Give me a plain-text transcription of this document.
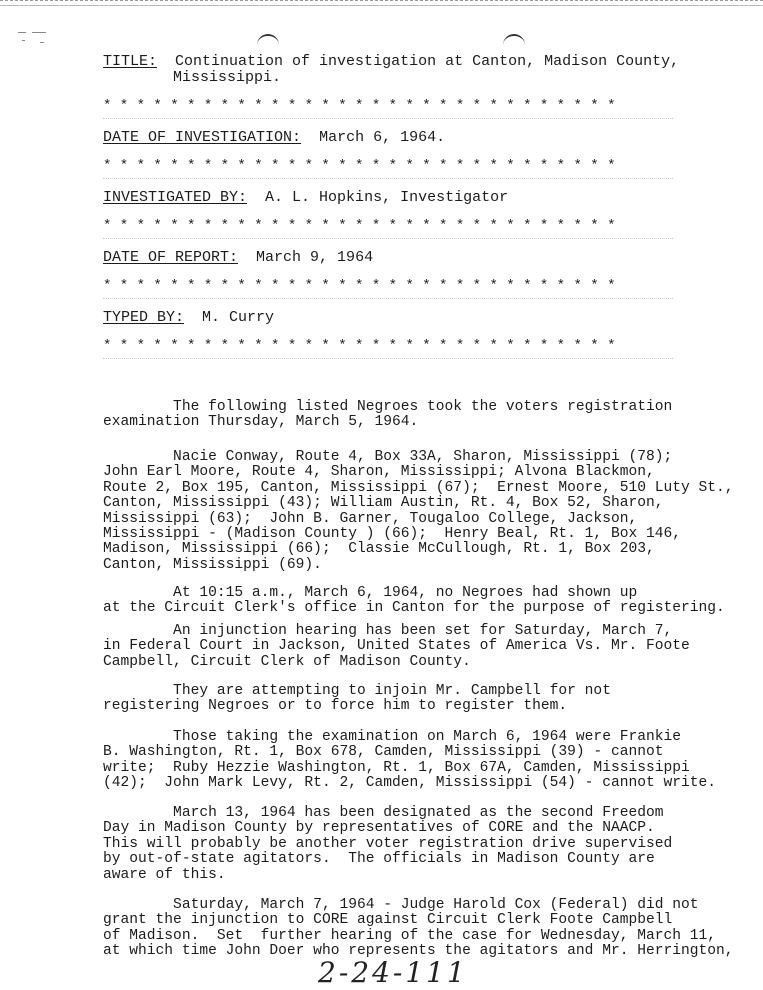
TITLE: Continuation of investigation at Canton, Madison County,
Mississippi.
* * * * * * * * * * * * * * * * * * * * * * * * * * * * * * *
DATE OF INVESTIGATION: March 6, 1964.
* * * * * * * * * * * * * * * * * * * * * * * * * * * * * * *
INVESTIGATED BY: A. L. Hopkins, Investigator
* * * * * * * * * * * * * * * * * * * * * * * * * * * * * * *
DATE OF REPORT: March 9, 1964
* * * * * * * * * * * * * * * * * * * * * * * * * * * * * * *
TYPED BY: M. Curry
* * * * * * * * * * * * * * * * * * * * * * * * * * * * * * *
The following listed Negroes took the voters registration
examination Thursday, March 5, 1964.
Nacie Conway, Route 4, Box 33A, Sharon, Mississippi (78);
John Earl Moore, Route 4, Sharon, Mississippi; Alvona Blackmon,
Route 2, Box 195, Canton, Mississippi (67);  Ernest Moore, 510 Luty St.,
Canton, Mississippi (43); William Austin, Rt. 4, Box 52, Sharon,
Mississippi (63);  John B. Garner, Tougaloo College, Jackson,
Mississippi - (Madison County ) (66);  Henry Beal, Rt. 1, Box 146,
Madison, Mississippi (66);  Classie McCullough, Rt. 1, Box 203,
Canton, Mississippi (69).
At 10:15 a.m., March 6, 1964, no Negroes had shown up
at the Circuit Clerk's office in Canton for the purpose of registering.
An injunction hearing has been set for Saturday, March 7,
in Federal Court in Jackson, United States of America Vs. Mr. Foote
Campbell, Circuit Clerk of Madison County.
They are attempting to injoin Mr. Campbell for not
registering Negroes or to force him to register them.
Those taking the examination on March 6, 1964 were Frankie
B. Washington, Rt. 1, Box 678, Camden, Mississippi (39) - cannot
write;  Ruby Hezzie Washington, Rt. 1, Box 67A, Camden, Mississippi
(42);  John Mark Levy, Rt. 2, Camden, Mississippi (54) - cannot write.
March 13, 1964 has been designated as the second Freedom
Day in Madison County by representatives of CORE and the NAACP.
This will probably be another voter registration drive supervised
by out-of-state agitators.  The officials in Madison County are
aware of this.
Saturday, March 7, 1964 - Judge Harold Cox (Federal) did not
grant the injunction to CORE against Circuit Clerk Foote Campbell
of Madison.  Set  further hearing of the case for Wednesday, March 11,
at which time John Doer who represents the agitators and Mr. Herrington,
2-24-111
